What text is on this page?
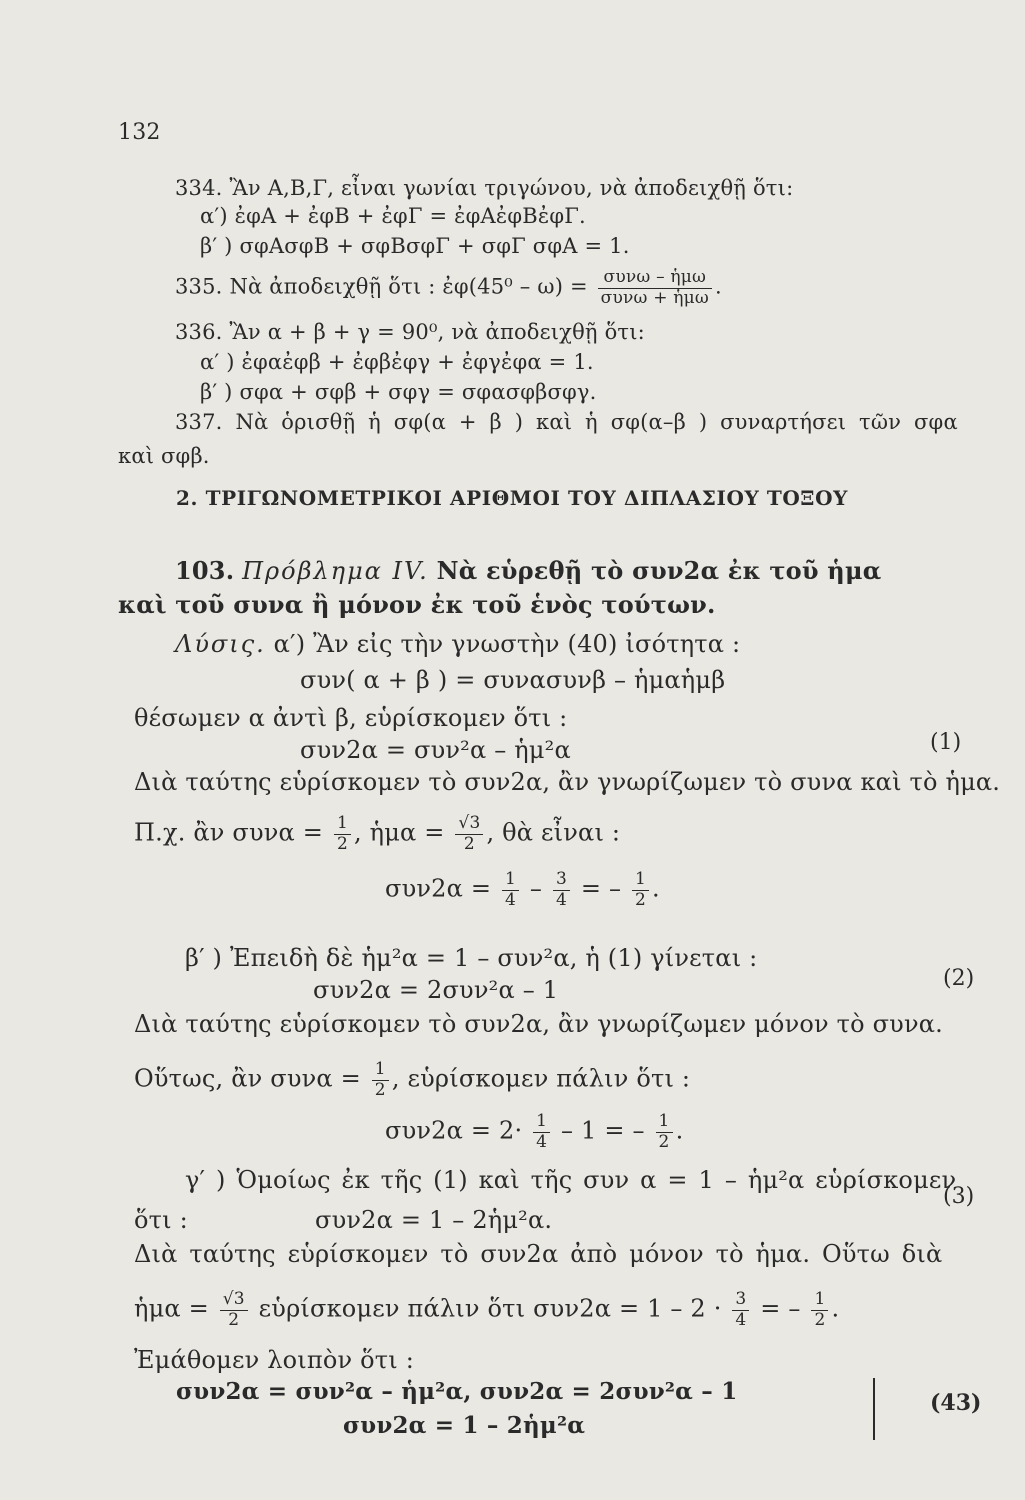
132
334. Ἂν Α,Β,Γ, εἶναι γωνίαι τριγώνου, νὰ ἀποδειχθῇ ὅτι:
α′) ἐφΑ + ἐφΒ + ἐφΓ = ἐφΑἐφΒἐφΓ.
β′ ) σφΑσφΒ + σφΒσφΓ + σφΓ σφΑ = 1.
335. Νὰ ἀποδειχθῇ ὅτι : ἐφ(45⁰ – $\omega) = \frac{\text{συνω – ἡμω}}{\text{συνω + ἡμω}}$ .
336. Ἂν α + β + γ = 90⁰, νὰ ἀποδειχθῇ ὅτι:
α′ ) ἐφαἐφβ + ἐφβἐφγ + ἐφγἐφα = 1.
β′ ) σφα + σφβ + σφγ = σφασφβσφγ.
337. Νὰ ὁρισθῇ ἡ σφ(α + β ) καὶ ἡ σφ(α–β ) συναρτήσει τῶν σφα
καὶ σφβ.
2. ΤΡΙΓΩΝΟΜΕΤΡΙΚΟΙ ΑΡΙΘΜΟΙ ΤΟΥ ΔΙΠΛΑΣΙΟΥ ΤΟΞΟΥ
103. Πρόβλημα IV. Νὰ εὑρεθῇ τὸ συν2α ἐκ τοῦ ἡμα
καὶ τοῦ συνα ἢ μόνον ἐκ τοῦ ἑνὸς τούτων.
Λύσις. α′) Ἂν εἰς τὴν γνωστὴν (40) ἰσότητα :
συν( α + β ) = συνασυνβ – ἡμαἡμβ
θέσωμεν α ἀντὶ β, εὑρίσκομεν ὅτι :
συν2α = συν²α – ἡμ²α	(1)
Διὰ ταύτης εὑρίσκομεν τὸ συν2α, ἂν γνωρίζωμεν τὸ συνα καὶ τὸ ἡμα.
Π.χ. ἂν $\sigma\upsilon\nu\alpha = \frac{1}{2}$ , ἡμα = $\frac{√3}{2}$ , θὰ εἶναι :
$\sigma\upsilon\nu 2\alpha = \frac{1}{4} - \frac{3}{4}$ = – $\frac{1}{2}$ .
β′ ) Ἐπειδὴ δὲ ἡμ²α = 1 – συν²α, ἡ (1) γίνεται :
συν2α = 2συν²α – 1	(2)
Διὰ ταύτης εὑρίσκομεν τὸ συν2α, ἂν γνωρίζωμεν μόνον τὸ συνα.
Οὕτως, ἂν $\sigma\upsilon\nu\alpha = \frac{1}{2}$ , εὑρίσκομεν πάλιν ὅτι :
$\sigma\upsilon\nu 2\alpha = 2\cdot \frac{1}{4} - 1$ = – $\frac{1}{2}$ .
γ′ ) Ὁμοίως ἐκ τῆς (1) καὶ τῆς συν α = 1 – ἡμ²α εὑρίσκομεν
ὅτι :	συν2α = 1 – 2ἡμ²α.
(3)
Διὰ ταύτης εὑρίσκομεν τὸ συν2α ἀπὸ μόνον τὸ ἡμα. Οὕτω διὰ
ἡμα = $\frac{√3}{2}$ εὑρίσκομεν πάλιν ὅτι $\sigma\upsilon\nu 2\alpha = 1 - 2 \cdot \frac{3}{4}$ = – $\frac{1}{2}$ .
Ἐμάθομεν λοιπὸν ὅτι :
συν2α = συν²α – ἡμ²α, συν2α = 2συν²α – 1
συν2α = 1 – 2ἡμ²α
(43)
